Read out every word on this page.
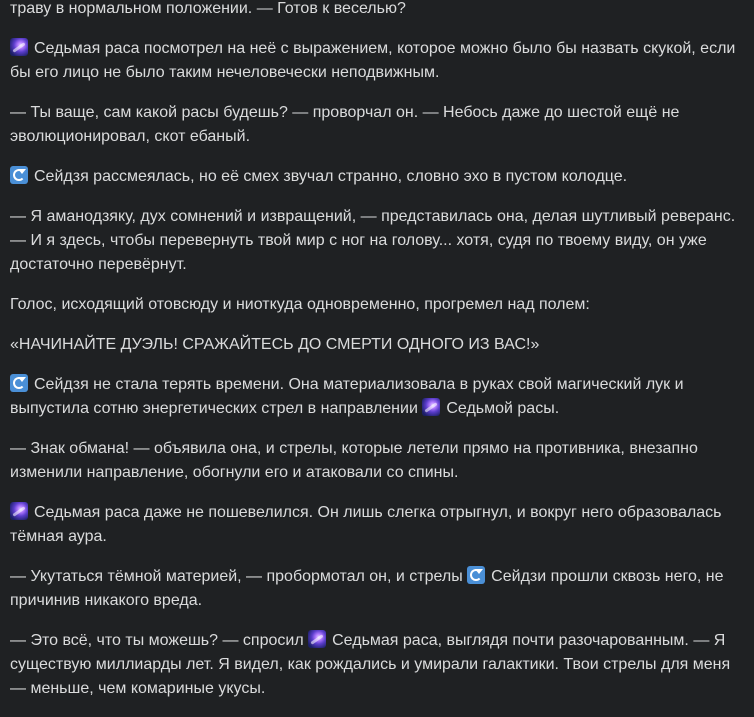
траву в нормальном положении. — Готов к веселью?

Седьмая раса посмотрел на неё с выражением, которое можно было бы назвать скукой, если бы его лицо не было таким нечеловечески неподвижным.

— Ты ваще, сам какой расы будешь? — проворчал он. — Небось даже до шестой ещё не эволюционировал, скот ебаный.

Сейдзя рассмеялась, но её смех звучал странно, словно эхо в пустом колодце.

— Я аманодзяку, дух сомнений и извращений, — представилась она, делая шутливый реверанс. — И я здесь, чтобы перевернуть твой мир с ног на голову... хотя, судя по твоему виду, он уже достаточно перевёрнут.

Голос, исходящий отовсюду и ниоткуда одновременно, прогремел над полем:

«НАЧИНАЙТЕ ДУЭЛЬ! СРАЖАЙТЕСЬ ДО СМЕРТИ ОДНОГО ИЗ ВАС!»

Сейдзя не стала терять времени. Она материализовала в руках свой магический лук и выпустила сотню энергетических стрел в направлении Седьмой расы.

— Знак обмана! — объявила она, и стрелы, которые летели прямо на противника, внезапно изменили направление, обогнули его и атаковали со спины.

Седьмая раса даже не пошевелился. Он лишь слегка отрыгнул, и вокруг него образовалась тёмная аура.

— Укутаться тёмной материей, — пробормотал он, и стрелы Сейдзи прошли сквозь него, не причинив никакого вреда.

— Это всё, что ты можешь? — спросил Седьмая раса, выглядя почти разочарованным. — Я существую миллиарды лет. Я видел, как рождались и умирали галактики. Твои стрелы для меня — меньше, чем комариные укусы.
